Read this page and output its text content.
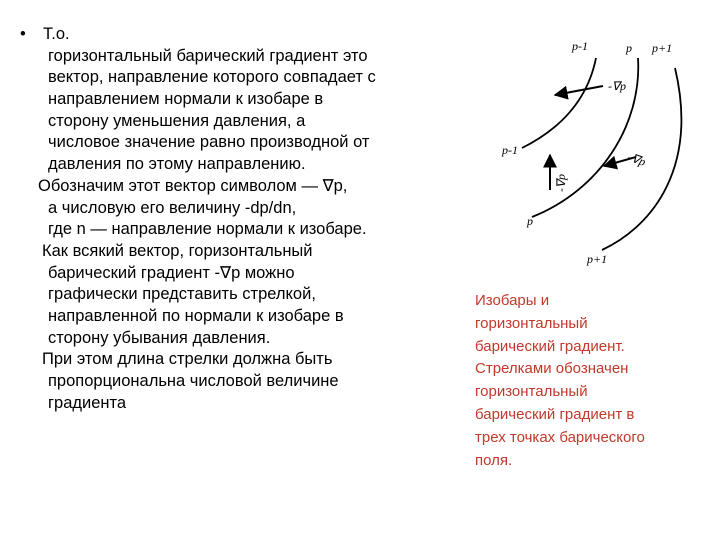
• Т.о.
горизонтальный барический градиент это
вектор, направление которого совпадает с
направлением нормали к изобаре в
сторону уменьшения давления, а
числовое значение равно производной от
давления по этому направлению.
Обозначим этот вектор символом — ∇р,
а числовую его величину -dp/dn,
где n — направление нормали к изобаре.
Как всякий вектор, горизонтальный
барический градиент -∇р можно
графически представить стрелкой,
направленной по нормали к изобаре в
сторону убывания давления.
При этом длина стрелки должна быть
пропорциональна числовой величине
градиента
p-1	p p+1
p-1
p
p+1
-∇p
-∇p
-∇p
Изобары и
горизонтальный
барический градиент.
Стрелками обозначен
горизонтальный
барический градиент в
трех точках барического
поля.
